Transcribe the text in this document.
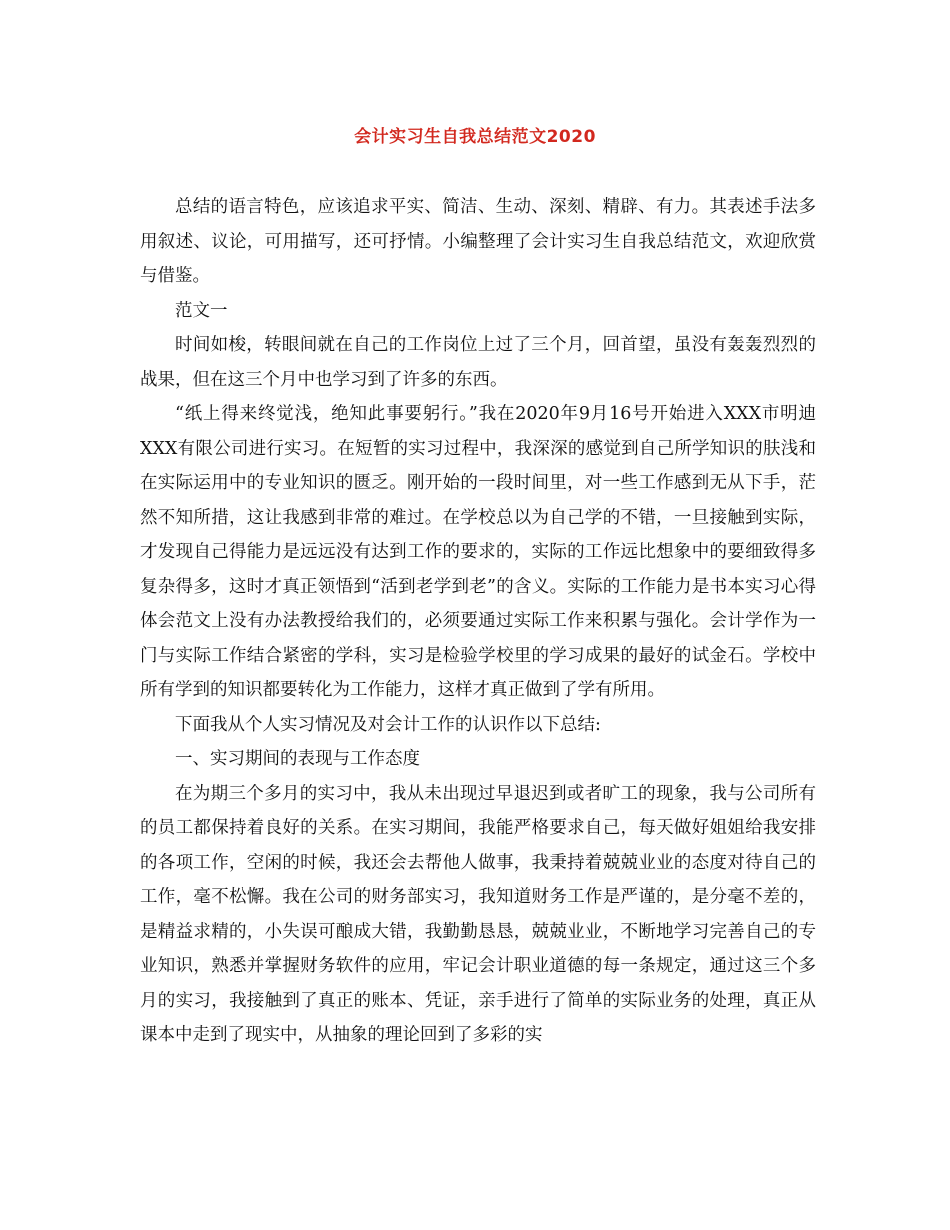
会计实习生自我总结范文2020

总结的语言特色，应该追求平实、简洁、生动、深刻、精辟、有力。其表述手法多用叙述、议论，可用描写，还可抒情。小编整理了会计实习生自我总结范文，欢迎欣赏与借鉴。

范文一

时间如梭，转眼间就在自己的工作岗位上过了三个月，回首望，虽没有轰轰烈烈的战果，但在这三个月中也学习到了许多的东西。

“纸上得来终觉浅，绝知此事要躬行。”我在2020年9月16号开始进入XXX市明迪XXX有限公司进行实习。在短暂的实习过程中，我深深的感觉到自己所学知识的肤浅和在实际运用中的专业知识的匮乏。刚开始的一段时间里，对一些工作感到无从下手，茫然不知所措，这让我感到非常的难过。在学校总以为自己学的不错，一旦接触到实际，才发现自己得能力是远远没有达到工作的要求的，实际的工作远比想象中的要细致得多复杂得多，这时才真正领悟到“活到老学到老”的含义。实际的工作能力是书本实习心得体会范文上没有办法教授给我们的，必须要通过实际工作来积累与强化。会计学作为一门与实际工作结合紧密的学科，实习是检验学校里的学习成果的最好的试金石。学校中所有学到的知识都要转化为工作能力，这样才真正做到了学有所用。

下面我从个人实习情况及对会计工作的认识作以下总结:

一、实习期间的表现与工作态度

在为期三个多月的实习中，我从未出现过早退迟到或者旷工的现象，我与公司所有的员工都保持着良好的关系。在实习期间，我能严格要求自己，每天做好姐姐给我安排的各项工作，空闲的时候，我还会去帮他人做事，我秉持着兢兢业业的态度对待自己的工作，毫不松懈。我在公司的财务部实习，我知道财务工作是严谨的，是分毫不差的，是精益求精的，小失误可酿成大错，我勤勤恳恳，兢兢业业，不断地学习完善自己的专业知识，熟悉并掌握财务软件的应用，牢记会计职业道德的每一条规定，通过这三个多月的实习，我接触到了真正的账本、凭证，亲手进行了简单的实际业务的处理，真正从课本中走到了现实中，从抽象的理论回到了多彩的实
